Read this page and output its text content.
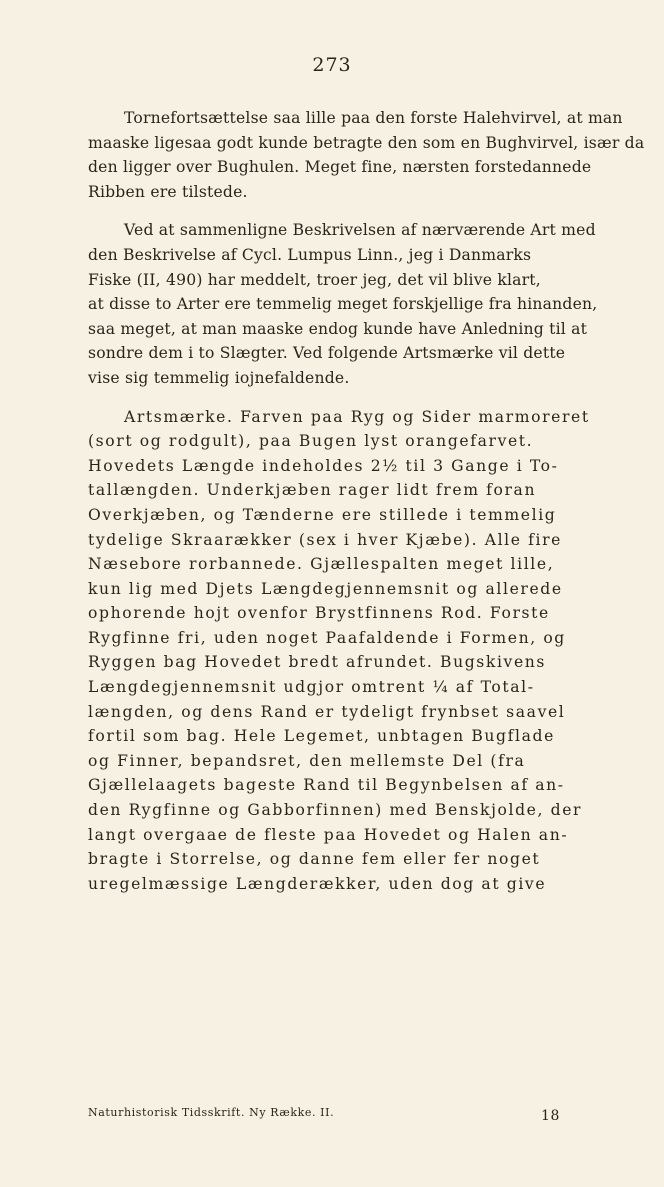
273
Tornefortsættelse saa lille paa den forste Halehvirvel, at man
maaske ligesaa godt kunde betragte den som en Bughvirvel, især da
den ligger over Bughulen. Meget fine, nærsten forstedannede
Ribben ere tilstede.
Ved at sammenligne Beskrivelsen af nærværende Art med
den Beskrivelse af Cycl. Lumpus Linn., jeg i Danmarks
Fiske (II, 490) har meddelt, troer jeg, det vil blive klart,
at disse to Arter ere temmelig meget forskjellige fra hinanden,
saa meget, at man maaske endog kunde have Anledning til at
sondre dem i to Slægter. Ved folgende Artsmærke vil dette
vise sig temmelig iojnefaldende.
Artsmærke. Farven paa Ryg og Sider marmoreret
(sort og rodgult), paa Bugen lyst orangefarvet.
Hovedets Længde indeholdes 2½ til 3 Gange i To-
tallængden. Underkjæben rager lidt frem foran
Overkjæben, og Tænderne ere stillede i temmelig
tydelige Skraarækker (sex i hver Kjæbe). Alle fire
Næsebore rorbannede. Gjællespalten meget lille,
kun lig med Djets Længdegjennemsnit og allerede
ophorende hojt ovenfor Brystfinnens Rod. Forste
Rygfinne fri, uden noget Paafaldende i Formen, og
Ryggen bag Hovedet bredt afrundet. Bugskivens
Længdegjennemsnit udgjor omtrent ¼ af Total-
længden, og dens Rand er tydeligt frynbset saavel
fortil som bag. Hele Legemet, unbtagen Bugflade
og Finner, bepandsret, den mellemste Del (fra
Gjællelaagets bageste Rand til Begynbelsen af an-
den Rygfinne og Gabborfinnen) med Benskjolde, der
langt overgaae de fleste paa Hovedet og Halen an-
bragte i Storrelse, og danne fem eller fer noget
uregelmæssige Længderækker, uden dog at give
Naturhistorisk Tidsskrift. Ny Række. II.	18
